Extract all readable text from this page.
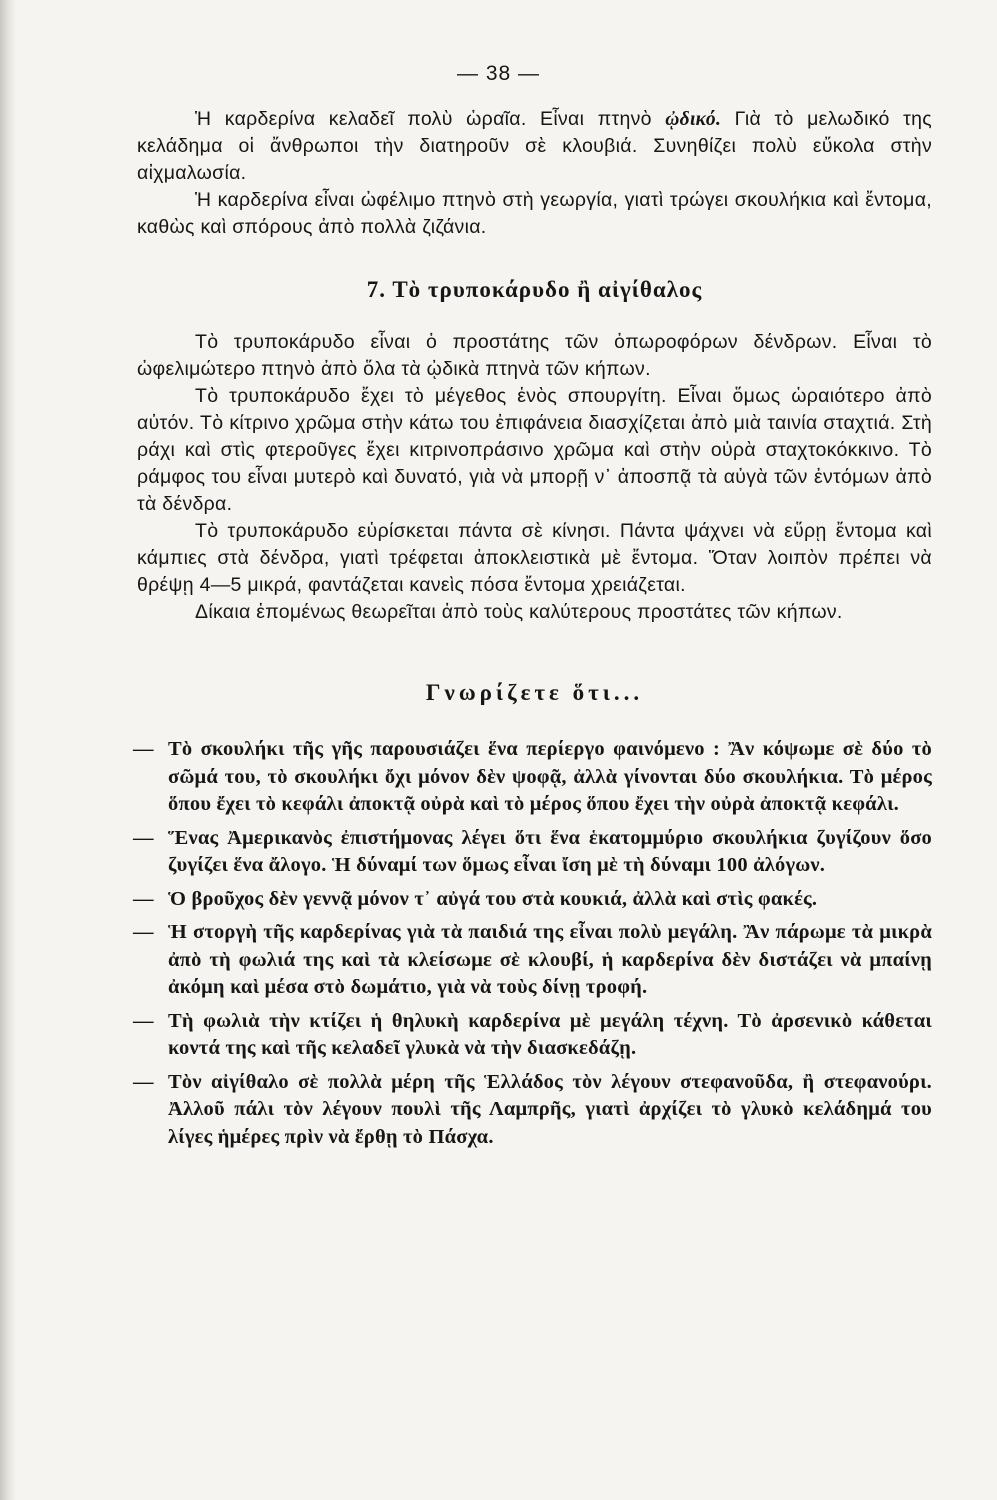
— 38 —

Ἡ καρδερίνα κελαδεῖ πολὺ ὡραῖα. Εἶναι πτηνὸ ᾠδικό. Γιὰ τὸ μελωδικό της κελάδημα οἱ ἄνθρωποι τὴν διατηροῦν σὲ κλουβιά. Συνηθίζει πολὺ εὔκολα στὴν αἰχμαλωσία.

Ἡ καρδερίνα εἶναι ὠφέλιμο πτηνὸ στὴ γεωργία, γιατὶ τρώγει σκουλήκια καὶ ἔντομα, καθὼς καὶ σπόρους ἀπὸ πολλὰ ζιζάνια.

7. Τὸ τρυποκάρυδο ἢ αἰγίθαλος

Τὸ τρυποκάρυδο εἶναι ὁ προστάτης τῶν ὀπωροφόρων δένδρων. Εἶναι τὸ ὠφελιμώτερο πτηνὸ ἀπὸ ὅλα τὰ ᾠδικὰ πτηνὰ τῶν κήπων.

Τὸ τρυποκάρυδο ἔχει τὸ μέγεθος ἑνὸς σπουργίτη. Εἶναι ὅμως ὡραιότερο ἀπὸ αὐτόν. Τὸ κίτρινο χρῶμα στὴν κάτω του ἐπιφάνεια διασχίζεται ἀπὸ μιὰ ταινία σταχτιά. Στὴ ράχι καὶ στὶς φτεροῦγες ἔχει κιτρινοπράσινο χρῶμα καὶ στὴν οὐρὰ σταχτοκόκκινο. Τὸ ράμφος του εἶναι μυτερὸ καὶ δυνατό, γιὰ νὰ μπορῇ ν᾿ ἀποσπᾷ τὰ αὐγὰ τῶν ἐντόμων ἀπὸ τὰ δένδρα.

Τὸ τρυποκάρυδο εὑρίσκεται πάντα σὲ κίνησι. Πάντα ψάχνει νὰ εὕρῃ ἔντομα καὶ κάμπιες στὰ δένδρα, γιατὶ τρέφεται ἀποκλειστικὰ μὲ ἔντομα. Ὅταν λοιπὸν πρέπει νὰ θρέψῃ 4—5 μικρά, φαντάζεται κανεὶς πόσα ἔντομα χρειάζεται.

Δίκαια ἑπομένως θεωρεῖται ἀπὸ τοὺς καλύτερους προστάτες τῶν κήπων.

Γνωρίζετε ὅτι...
— Τὸ σκουλήκι τῆς γῆς παρουσιάζει ἕνα περίεργο φαινόμενο : Ἂν κόψωμε σὲ δύο τὸ σῶμά του, τὸ σκουλήκι ὄχι μόνον δὲν ψοφᾷ, ἀλλὰ γίνονται δύο σκουλήκια. Τὸ μέρος ὅπου ἔχει τὸ κεφάλι ἀποκτᾷ οὐρὰ καὶ τὸ μέρος ὅπου ἔχει τὴν οὐρὰ ἀποκτᾷ κεφάλι.
— Ἕνας Ἀμερικανὸς ἐπιστήμονας λέγει ὅτι ἕνα ἑκατομμύριο σκουλήκια ζυγίζουν ὅσο ζυγίζει ἕνα ἄλογο. Ἡ δύναμί των ὅμως εἶναι ἴση μὲ τὴ δύναμι 100 ἀλόγων.
— Ὁ βροῦχος δὲν γεννᾷ μόνον τ᾿ αὐγά του στὰ κουκιά, ἀλλὰ καὶ στὶς φακές.
— Ἡ στοργὴ τῆς καρδερίνας γιὰ τὰ παιδιά της εἶναι πολὺ μεγάλη. Ἂν πάρωμε τὰ μικρὰ ἀπὸ τὴ φωλιά της καὶ τὰ κλείσωμε σὲ κλουβί, ἡ καρδερίνα δὲν διστάζει νὰ μπαίνῃ ἀκόμη καὶ μέσα στὸ δωμάτιο, γιὰ νὰ τοὺς δίνῃ τροφή.
— Τὴ φωλιὰ τὴν κτίζει ἡ θηλυκὴ καρδερίνα μὲ μεγάλη τέχνη. Τὸ ἀρσενικὸ κάθεται κοντά της καὶ τῆς κελαδεῖ γλυκὰ νὰ τὴν διασκεδάζῃ.
— Τὸν αἰγίθαλο σὲ πολλὰ μέρη τῆς Ἑλλάδος τὸν λέγουν στεφανοῦδα, ἢ στεφανούρι. Ἀλλοῦ πάλι τὸν λέγουν πουλὶ τῆς Λαμπρῆς, γιατὶ ἀρχίζει τὸ γλυκὸ κελάδημά του λίγες ἡμέρες πρὶν νὰ ἔρθῃ τὸ Πάσχα.
